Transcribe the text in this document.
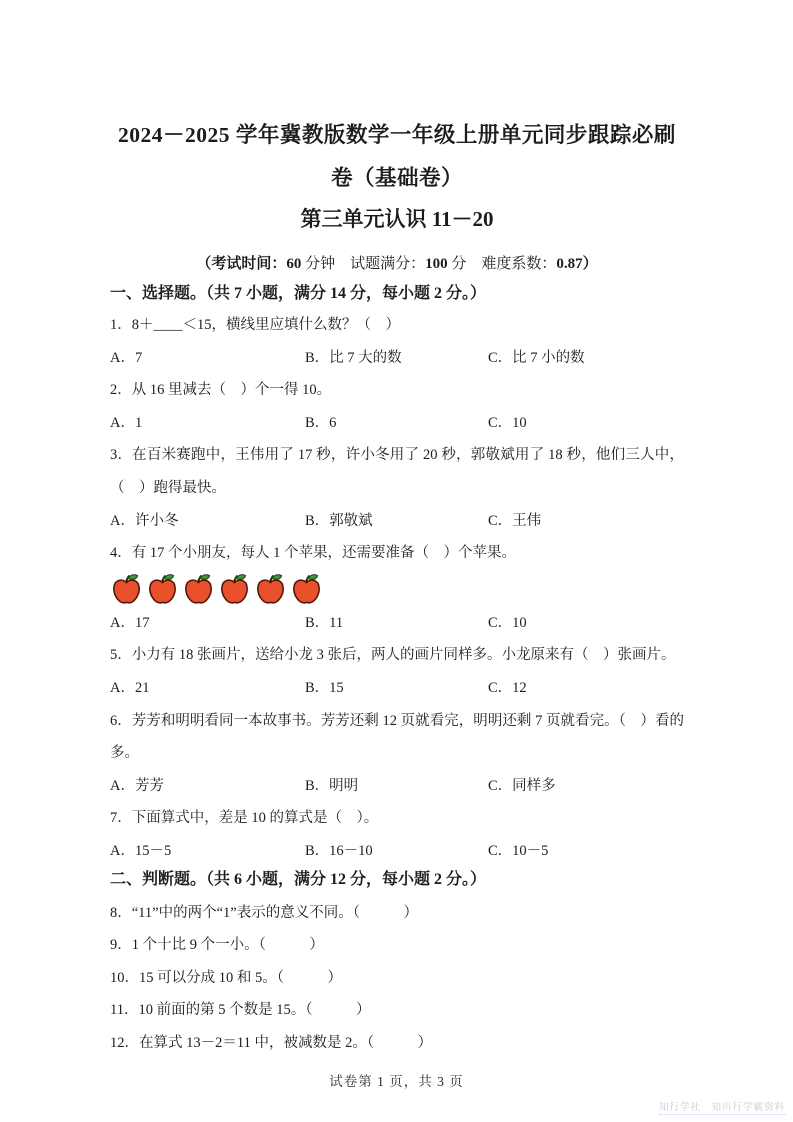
2024－2025 学年冀教版数学一年级上册单元同步跟踪必刷
卷（基础卷）
第三单元认识 11－20
（考试时间：60 分钟　试题满分：100 分　难度系数：0.87）
一、选择题。（共 7 小题，满分 14 分，每小题 2 分。）

1．8＋____＜15，横线里应填什么数？（　）

A．7	B．比 7 大的数	C．比 7 小的数

2．从 16 里减去（　）个一得 10。

A．1	B．6	C．10

3．在百米赛跑中，王伟用了 17 秒，许小冬用了 20 秒，郭敬斌用了 18 秒，他们三人中，（　）跑得最快。

A．许小冬	B．郭敬斌	C．王伟

4．有 17 个小朋友，每人 1 个苹果，还需要准备（　）个苹果。

A．17	B．11	C．10

5．小力有 18 张画片，送给小龙 3 张后，两人的画片同样多。小龙原来有（　）张画片。

A．21	B．15	C．12

6．芳芳和明明看同一本故事书。芳芳还剩 12 页就看完，明明还剩 7 页就看完。（　）看的多。

A．芳芳	B．明明	C．同样多

7．下面算式中，差是 10 的算式是（　）。

A．15－5	B．16－10	C．10－5
二、判断题。（共 6 小题，满分 12 分，每小题 2 分。）

8．“11”中的两个“1”表示的意义不同。（　　　）

9．1 个十比 9 个一小。（　　　）

10．15 可以分成 10 和 5。（　　　）

11．10 前面的第 5 个数是 15。（　　　）

12．在算式 13－2＝11 中，被减数是 2。（　　　）

试卷第 1 页，共 3 页
知行学社　知川行学霸资料
